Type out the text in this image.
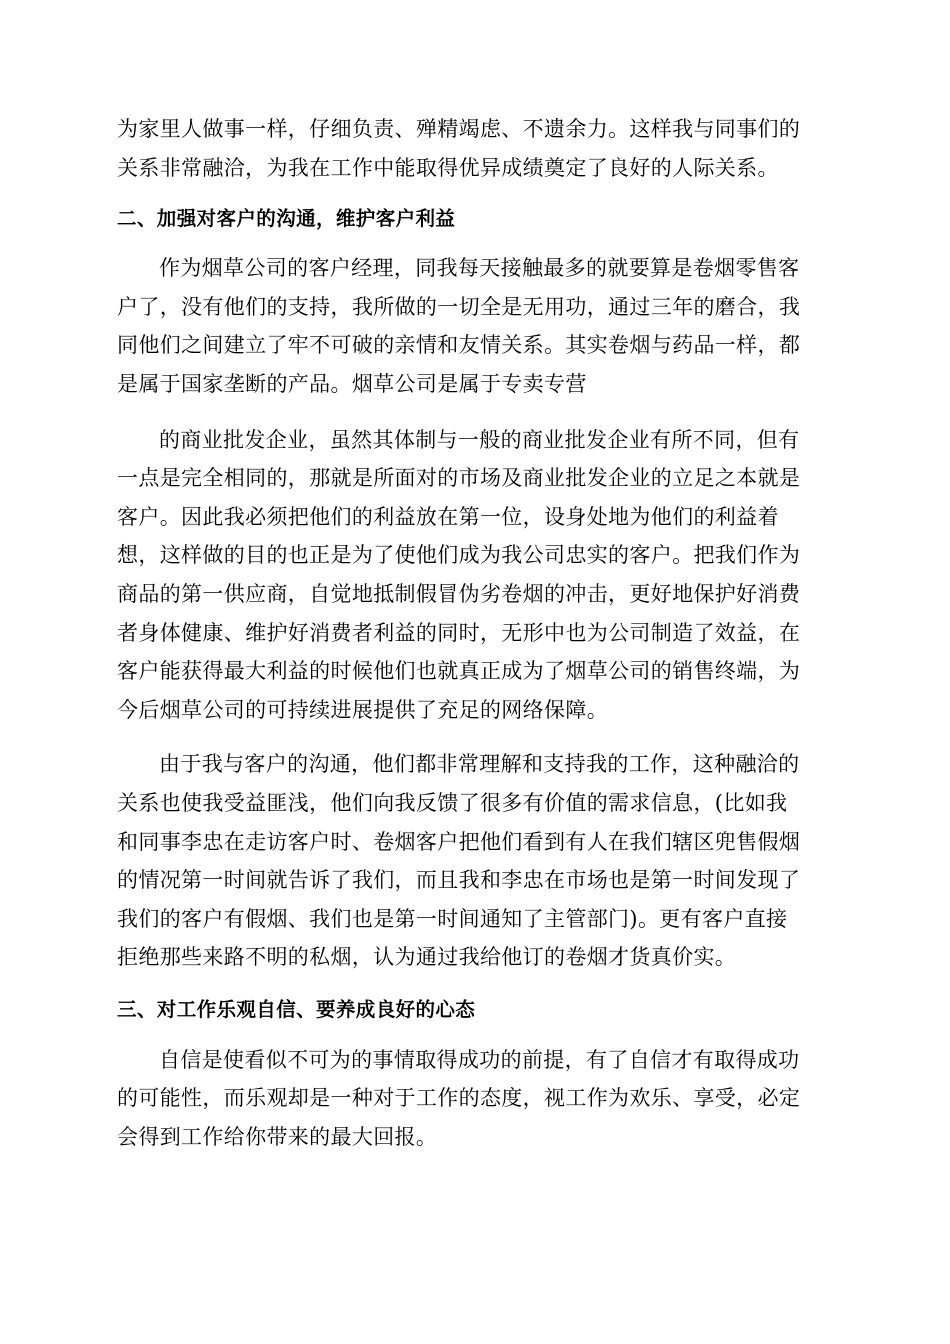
为家里人做事一样，仔细负责、殚精竭虑、不遗余力。这样我与同事们的
关系非常融洽，为我在工作中能取得优异成绩奠定了良好的人际关系。

二、加强对客户的沟通，维护客户利益

作为烟草公司的客户经理，同我每天接触最多的就要算是卷烟零售客
户了，没有他们的支持，我所做的一切全是无用功，通过三年的磨合，我
同他们之间建立了牢不可破的亲情和友情关系。其实卷烟与药品一样，都
是属于国家垄断的产品。烟草公司是属于专卖专营

的商业批发企业，虽然其体制与一般的商业批发企业有所不同，但有
一点是完全相同的，那就是所面对的市场及商业批发企业的立足之本就是
客户。因此我必须把他们的利益放在第一位，设身处地为他们的利益着
想，这样做的目的也正是为了使他们成为我公司忠实的客户。把我们作为
商品的第一供应商，自觉地抵制假冒伪劣卷烟的冲击，更好地保护好消费
者身体健康、维护好消费者利益的同时，无形中也为公司制造了效益，在
客户能获得最大利益的时候他们也就真正成为了烟草公司的销售终端，为
今后烟草公司的可持续进展提供了充足的网络保障。

由于我与客户的沟通，他们都非常理解和支持我的工作，这种融洽的
关系也使我受益匪浅，他们向我反馈了很多有价值的需求信息，(比如我
和同事李忠在走访客户时、卷烟客户把他们看到有人在我们辖区兜售假烟
的情况第一时间就告诉了我们，而且我和李忠在市场也是第一时间发现了
我们的客户有假烟、我们也是第一时间通知了主管部门)。更有客户直接
拒绝那些来路不明的私烟，认为通过我给他订的卷烟才货真价实。

三、对工作乐观自信、要养成良好的心态

自信是使看似不可为的事情取得成功的前提，有了自信才有取得成功
的可能性，而乐观却是一种对于工作的态度，视工作为欢乐、享受，必定
会得到工作给你带来的最大回报。
